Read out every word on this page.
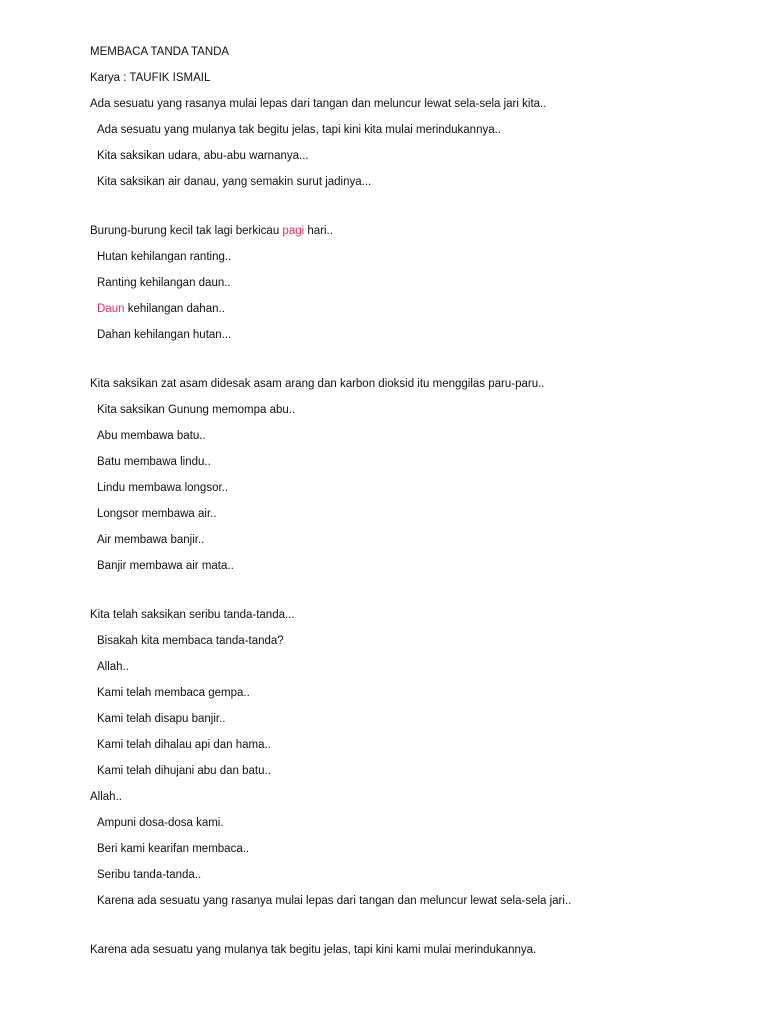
MEMBACA TANDA TANDA
Karya : TAUFIK ISMAIL
Ada sesuatu yang rasanya mulai lepas dari tangan dan meluncur lewat sela-sela jari kita..
Ada sesuatu yang mulanya tak begitu jelas, tapi kini kita mulai merindukannya..
Kita saksikan udara, abu-abu warnanya...
Kita saksikan air danau, yang semakin surut jadinya...
Burung-burung kecil tak lagi berkicau pagi hari..
Hutan kehilangan ranting..
Ranting kehilangan daun..
Daun kehilangan dahan..
Dahan kehilangan hutan...
Kita saksikan zat asam didesak asam arang dan karbon dioksid itu menggilas paru-paru..
Kita saksikan Gunung memompa abu..
Abu membawa batu..
Batu membawa lindu..
Lindu membawa longsor..
Longsor membawa air..
Air membawa banjir..
Banjir membawa air mata..
Kita telah saksikan seribu tanda-tanda...
Bisakah kita membaca tanda-tanda?
Allah..
Kami telah membaca gempa..
Kami telah disapu banjir..
Kami telah dihalau api dan hama..
Kami telah dihujani abu dan batu..
Allah..
Ampuni dosa-dosa kami.
Beri kami kearifan membaca..
Seribu tanda-tanda..
Karena ada sesuatu yang rasanya mulai lepas dari tangan dan meluncur lewat sela-sela jari..
Karena ada sesuatu yang mulanya tak begitu jelas, tapi kini kami mulai merindukannya.
